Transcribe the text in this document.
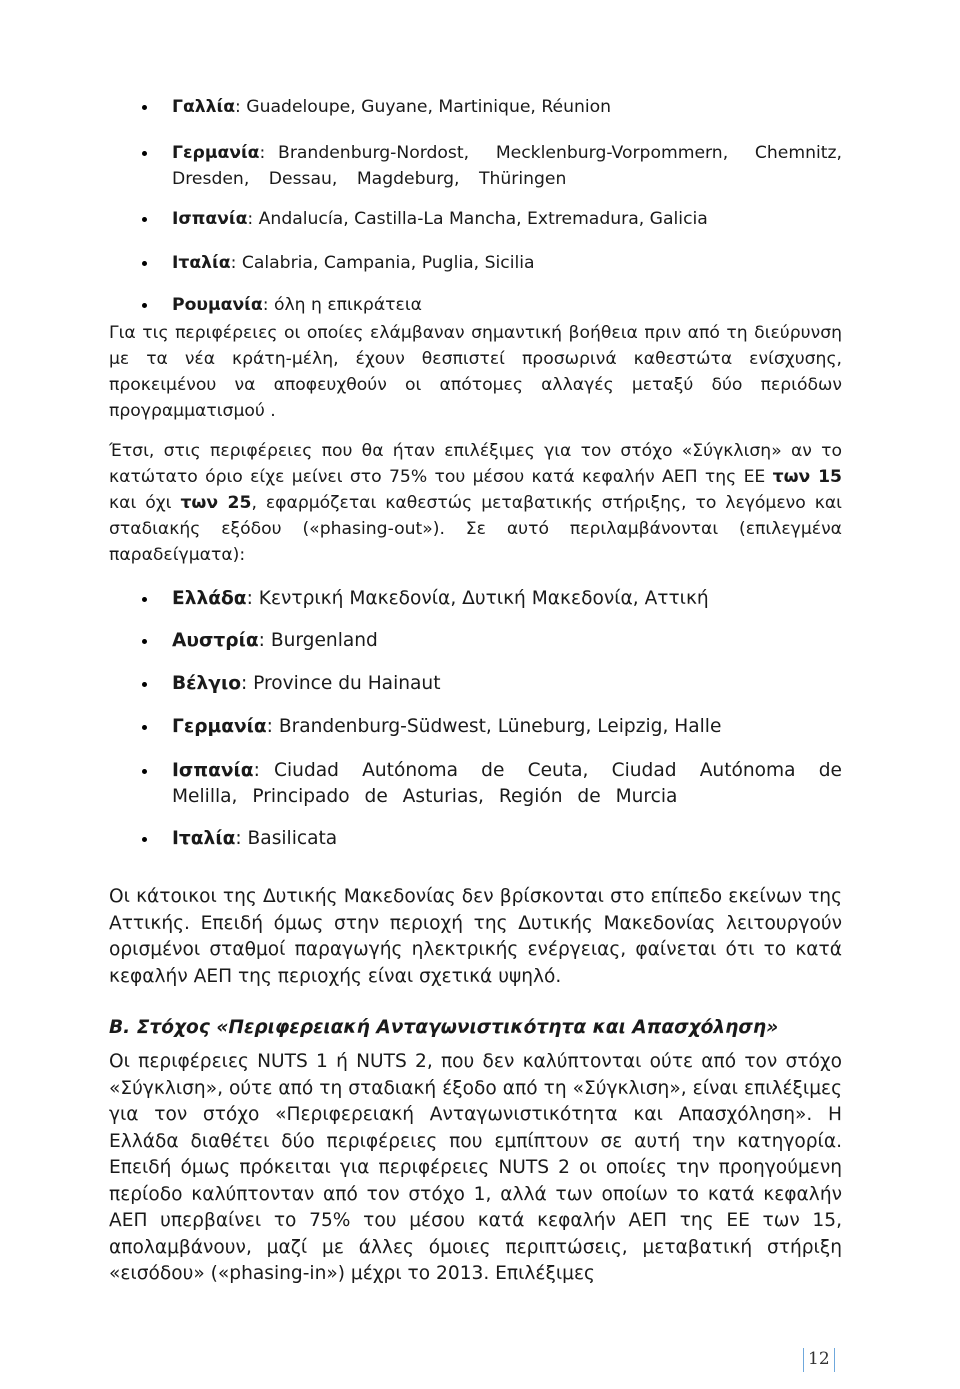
Γαλλία: Guadeloupe, Guyane, Martinique, Réunion
Γερμανία: Brandenburg-Nordost, Mecklenburg-Vorpommern, Chemnitz, Dresden, Dessau, Magdeburg, Thüringen
Ισπανία: Andalucía, Castilla-La Mancha, Extremadura, Galicia
Ιταλία: Calabria, Campania, Puglia, Sicilia
Ρουμανία: όλη η επικράτεια
Για τις περιφέρειες οι οποίες ελάμβαναν σημαντική βοήθεια πριν από τη διεύρυνση με τα νέα κράτη-μέλη, έχουν θεσπιστεί προσωρινά καθεστώτα ενίσχυσης, προκειμένου να αποφευχθούν οι απότομες αλλαγές μεταξύ δύο περιόδων προγραμματισμού .
Έτσι, στις περιφέρειες που θα ήταν επιλέξιμες για τον στόχο «Σύγκλιση» αν το κατώτατο όριο είχε μείνει στο 75% του μέσου κατά κεφαλήν ΑΕΠ της ΕΕ των 15 και όχι των 25, εφαρμόζεται καθεστώς μεταβατικής στήριξης, το λεγόμενο και σταδιακής εξόδου («phasing-out»). Σε αυτό περιλαμβάνονται (επιλεγμένα παραδείγματα):
Ελλάδα: Κεντρική Μακεδονία, Δυτική Μακεδονία, Αττική
Αυστρία: Burgenland
Βέλγιο: Province du Hainaut
Γερμανία: Brandenburg-Südwest, Lüneburg, Leipzig, Halle
Ισπανία: Ciudad Autónoma de Ceuta, Ciudad Autónoma de Melilla, Principado de Asturias, Región de Murcia
Ιταλία: Basilicata
Οι κάτοικοι της Δυτικής Μακεδονίας δεν βρίσκονται στο επίπεδο εκείνων της Αττικής. Επειδή όμως στην περιοχή της Δυτικής Μακεδονίας λειτουργούν ορισμένοι σταθμοί παραγωγής ηλεκτρικής ενέργειας, φαίνεται ότι το κατά κεφαλήν ΑΕΠ της περιοχής είναι σχετικά υψηλό.
Β. Στόχος «Περιφερειακή Ανταγωνιστικότητα και Απασχόληση»
Οι περιφέρειες NUTS 1 ή NUTS 2, που δεν καλύπτονται ούτε από τον στόχο «Σύγκλιση», ούτε από τη σταδιακή έξοδο από τη «Σύγκλιση», είναι επιλέξιμες για τον στόχο «Περιφερειακή Ανταγωνιστικότητα και Απασχόληση». Η Ελλάδα διαθέτει δύο περιφέρειες που εμπίπτουν σε αυτή την κατηγορία. Επειδή όμως πρόκειται για περιφέρειες NUTS 2 οι οποίες την προηγούμενη περίοδο καλύπτονταν από τον στόχο 1, αλλά των οποίων το κατά κεφαλήν ΑΕΠ υπερβαίνει το 75% του μέσου κατά κεφαλήν ΑΕΠ της ΕΕ των 15, απολαμβάνουν, μαζί με άλλες όμοιες περιπτώσεις, μεταβατική στήριξη «εισόδου» («phasing-in») μέχρι το 2013. Επιλέξιμες
12
